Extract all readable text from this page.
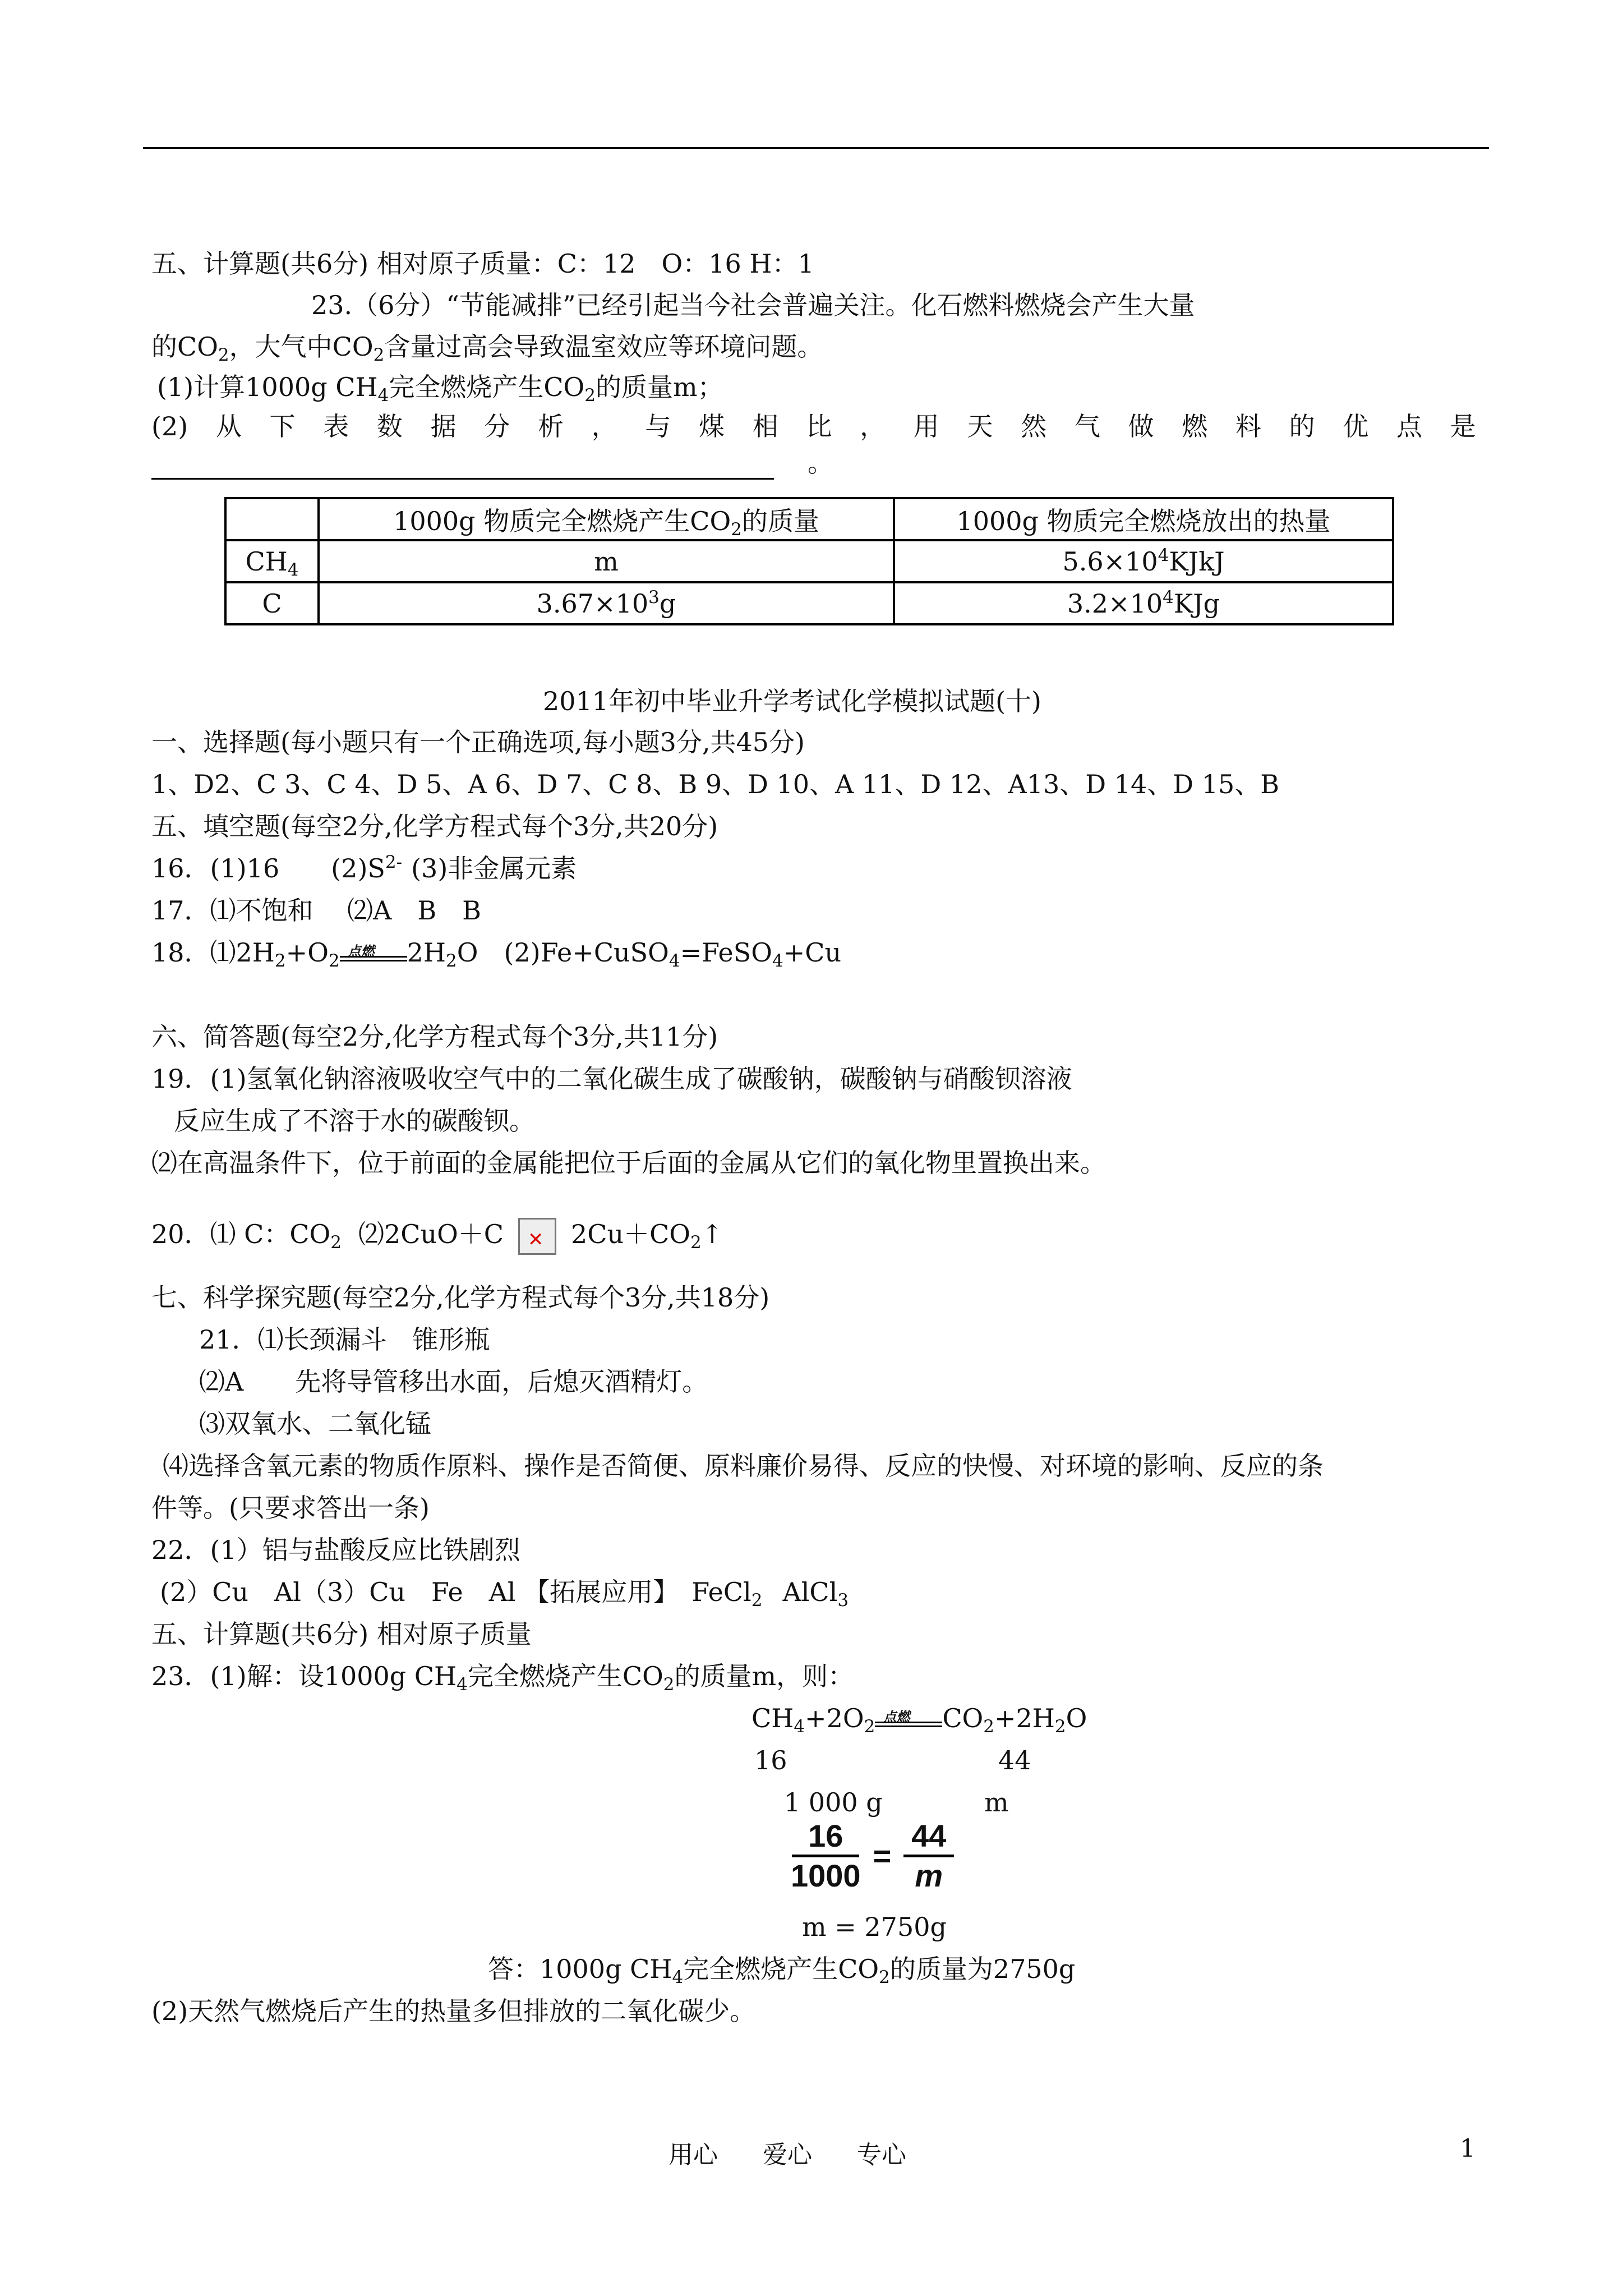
五、计算题(共6分) 相对原子质量：C：12　O：16 H：1
23.（6分）“节能减排”已经引起当今社会普遍关注。化石燃料燃烧会产生大量
的$CO_2$，大气中$CO_2$含量过高会导致温室效应等环境问题。
(1)计算1000g $CH_4$完全燃烧产生$CO_2$的质量m；
(2) 从 下 表 数 据 分 析 ， 与 煤 相 比 ， 用 天 然 气 做 燃 料 的 优 点 是
。
	1000g 物质完全燃烧产生$CO_2$的质量	1000g 物质完全燃烧放出的热量
$CH_4$	m	$5.6\times 10^4KJkJ$
C	$3.67\times 10^3g$	$3.2\times 10^4KJg$
2011年初中毕业升学考试化学模拟试题(十)
一、选择题(每小题只有一个正确选项,每小题3分,共45分)
1、D2、C 3、C 4、D 5、A 6、D 7、C 8、B 9、D 10、A 11、D 12、A13、D 14、D 15、B
五、填空题(每空2分,化学方程式每个3分,共20分)
16．(1)16　　$(2)S^{2-}$ (3)非金属元素
17．⑴不饱和　 ⑵A　B　B
18．$⑴2H_2+O_2$ 点燃 $2H_2O$　(2)Fe+CuSO$_4$=FeSO$_4$+Cu
六、简答题(每空2分,化学方程式每个3分,共11分)
19．(1)氢氧化钠溶液吸收空气中的二氧化碳生成了碳酸钠，碳酸钠与硝酸钡溶液
反应生成了不溶于水的碳酸钡。
⑵在高温条件下，位于前面的金属能把位于后面的金属从它们的氧化物里置换出来。
20．⑴ C：$CO_2$ ⑵2CuO＋C ✕	$2Cu+CO_2↑$
七、科学探究题(每空2分,化学方程式每个3分,共18分)
21．⑴长颈漏斗　锥形瓶
⑵A　　先将导管移出水面，后熄灭酒精灯。
⑶双氧水、二氧化锰
⑷选择含氧元素的物质作原料、操作是否简便、原料廉价易得、反应的快慢、对环境的影响、反应的条
件等。(只要求答出一条)
22．(1）铝与盐酸反应比铁剧烈
(2）Cu　Al（3）Cu　Fe　Al 【拓展应用】　FeCl$_2$ AlCl$_3$
五、计算题(共6分) 相对原子质量
23．(1)解：设1000g $CH_4$完全燃烧产生$CO_2$的质量m，则：
$CH_4+2O_2$ 点燃 $CO_2+2H_2O$
16	44
1 000 g	m
16
1000
=
44
m
m = 2750g
答：1000g $CH_4$完全燃烧产生$CO_2$的质量为2750g
(2)天然气燃烧后产生的热量多但排放的二氧化碳少。
用心 爱心 专心	1
